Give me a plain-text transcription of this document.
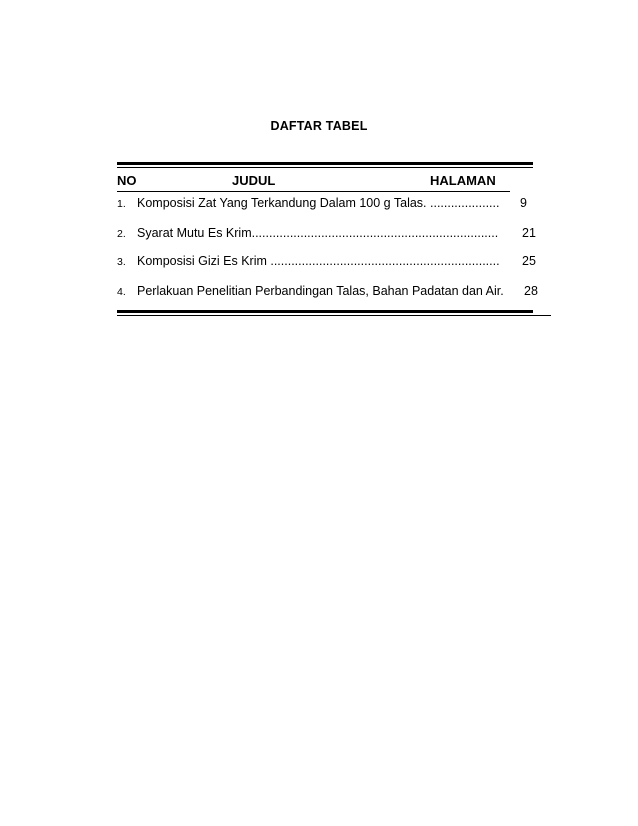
DAFTAR TABEL
NO	JUDUL	HALAMAN
1. Komposisi Zat Yang Terkandung Dalam 100 g Talas. .................... 9
2. Syarat Mutu Es Krim....................................................................... 21
3. Komposisi Gizi Es Krim .................................................................. 25
4. Perlakuan Penelitian Perbandingan Talas, Bahan Padatan dan Air. 28
